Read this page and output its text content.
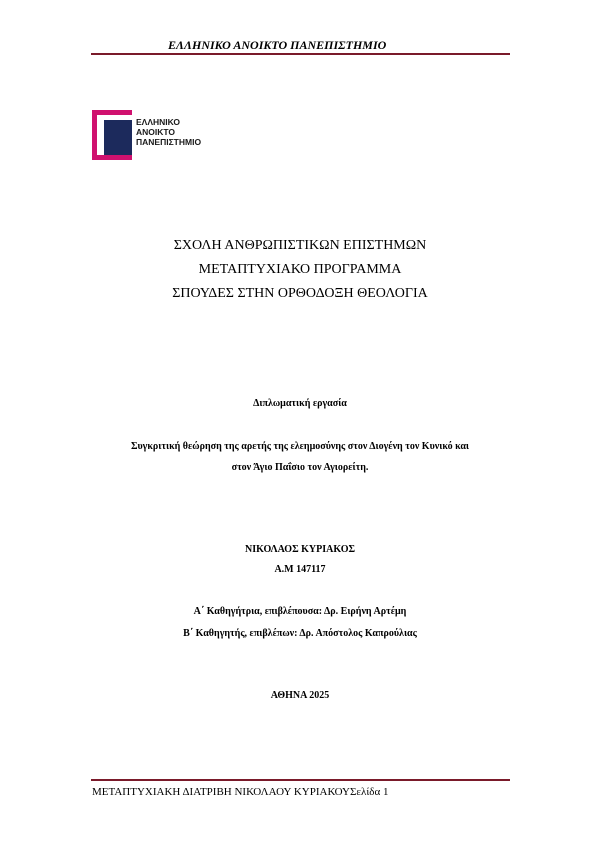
ΕΛΛΗΝΙΚΟ ΑΝΟΙΚΤΟ ΠΑΝΕΠΙΣΤΗΜΙΟ
ΕΛΛΗΝΙΚΟ
ΑΝΟΙΚΤΟ
ΠΑΝΕΠΙΣΤΗΜΙΟ
ΣΧΟΛΗ ΑΝΘΡΩΠΙΣΤΙΚΩΝ ΕΠΙΣΤΗΜΩΝ
ΜΕΤΑΠΤΥΧΙΑΚΟ ΠΡΟΓΡΑΜΜΑ
ΣΠΟΥΔΕΣ ΣΤΗΝ ΟΡΘΟΔΟΞΗ ΘΕΟΛΟΓΙΑ
Διπλωματική εργασία
Συγκριτική θεώρηση της αρετής της ελεημοσύνης στον Διογένη τον Κυνικό και
στον Άγιο Παΐσιο τον Αγιορείτη.
ΝΙΚΟΛΑΟΣ ΚΥΡΙΑΚΟΣ
Α.Μ 147117
Α΄ Καθηγήτρια, επιβλέπουσα: Δρ. Ειρήνη Αρτέμη
Β΄ Καθηγητής, επιβλέπων: Δρ. Απόστολος Καπρούλιας
ΑΘΗΝΑ 2025
ΜΕΤΑΠΤΥΧΙΑΚΗ ΔΙΑΤΡΙΒΗ ΝΙΚΟΛΑΟΥ ΚΥΡΙΑΚΟΥΣελίδα 1
